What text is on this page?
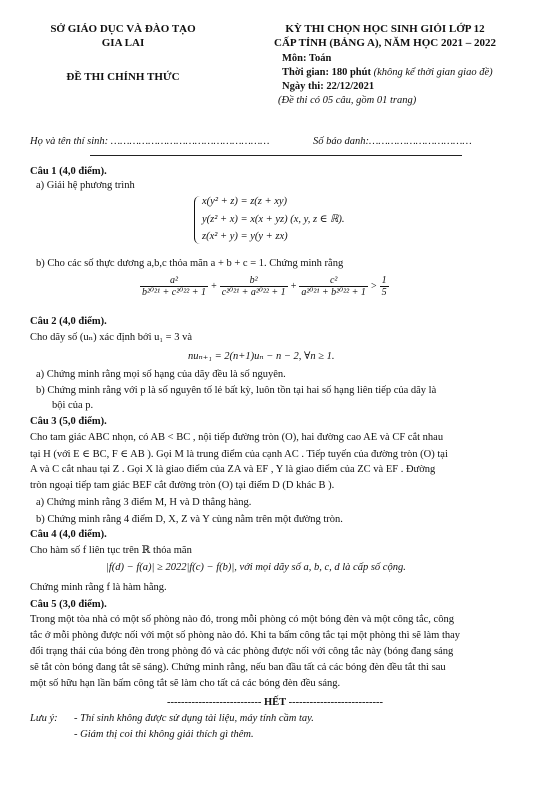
SỞ GIÁO DỤC VÀ ĐÀO TẠO
GIA LAI
ĐỀ THI CHÍNH THỨC
KỲ THI CHỌN HỌC SINH GIỎI LỚP 12
CẤP TỈNH (BẢNG A), NĂM HỌC 2021 – 2022
Môn: Toán
Thời gian: 180 phút (không kể thời gian giao đề)
Ngày thi: 22/12/2021
(Đề thi có 05 câu, gồm 01 trang)
Họ và tên thí sinh: ……………………………………………	Số báo danh:……………………………
Câu 1 (4,0 điểm).
a) Giải hệ phương trình
x(y² + z) = z(z + xy)
y(z² + x) = x(x + yz) (x, y, z ∈ ℝ).
z(x² + y) = y(y + zx)
b) Cho các số thực dương a,b,c thỏa mãn a + b + c = 1. Chứng minh rằng
$\frac{\text{a²}}{\text{b²⁰²¹ + c²⁰²² + 1}} + \frac{\text{b²}}{\text{c²⁰²¹ + a²⁰²² + 1}} + \frac{\text{c²}}{\text{a²⁰²¹ + b²⁰²² + 1}} > \frac{1}{5}$
Câu 2 (4,0 điểm).
Cho dãy số (uₙ) xác định bởi u₁ = 3 và
nuₙ₊₁ = 2(n+1)uₙ − n − 2, ∀n ≥ 1.
a) Chứng minh rằng mọi số hạng của dãy đều là số nguyên.
b) Chứng minh rằng với p là số nguyên tố lẻ bất kỳ, luôn tồn tại hai số hạng liên tiếp của dãy là
bội của p.
Câu 3 (5,0 điểm).
Cho tam giác ABC nhọn, có AB < BC , nội tiếp đường tròn (O), hai đường cao AE và CF cắt nhau
tại H (với E ∈ BC, F ∈ AB ). Gọi M là trung điểm của cạnh AC . Tiếp tuyến của đường tròn (O) tại
A và C cắt nhau tại Z . Gọi X là giao điểm của ZA và EF , Y là giao điểm của ZC và EF . Đường
tròn ngoại tiếp tam giác BEF cắt đường tròn (O) tại điểm D (D khác B ).
a) Chứng minh rằng 3 điểm M, H và D thẳng hàng.
b) Chứng minh rằng 4 điểm D, X, Z và Y cùng nằm trên một đường tròn.
Câu 4 (4,0 điểm).
Cho hàm số f liên tục trên ℝ thỏa mãn
|f(d) − f(a)| ≥ 2022|f(c) − f(b)|, với mọi dãy số a, b, c, d là cấp số cộng.
Chứng minh rằng f là hàm hằng.
Câu 5 (3,0 điểm).
Trong một tòa nhà có một số phòng nào đó, trong mỗi phòng có một bóng đèn và một công tắc, công
tắc ở mỗi phòng được nối với một số phòng nào đó. Khi ta bấm công tắc tại một phòng thì sẽ làm thay
đổi trạng thái của bóng đèn trong phòng đó và các phòng được nối với công tắc này (bóng đang sáng
sẽ tắt còn bóng đang tắt sẽ sáng). Chứng minh rằng, nếu ban đầu tất cả các bóng đèn đều tắt thì sau
một số hữu hạn lần bấm công tắt sẽ làm cho tất cả các bóng đèn đều sáng.
--------------------------- HẾT ---------------------------
Lưu ý: - Thí sinh không được sử dụng tài liệu, máy tính cầm tay.
- Giám thị coi thi không giải thích gì thêm.
